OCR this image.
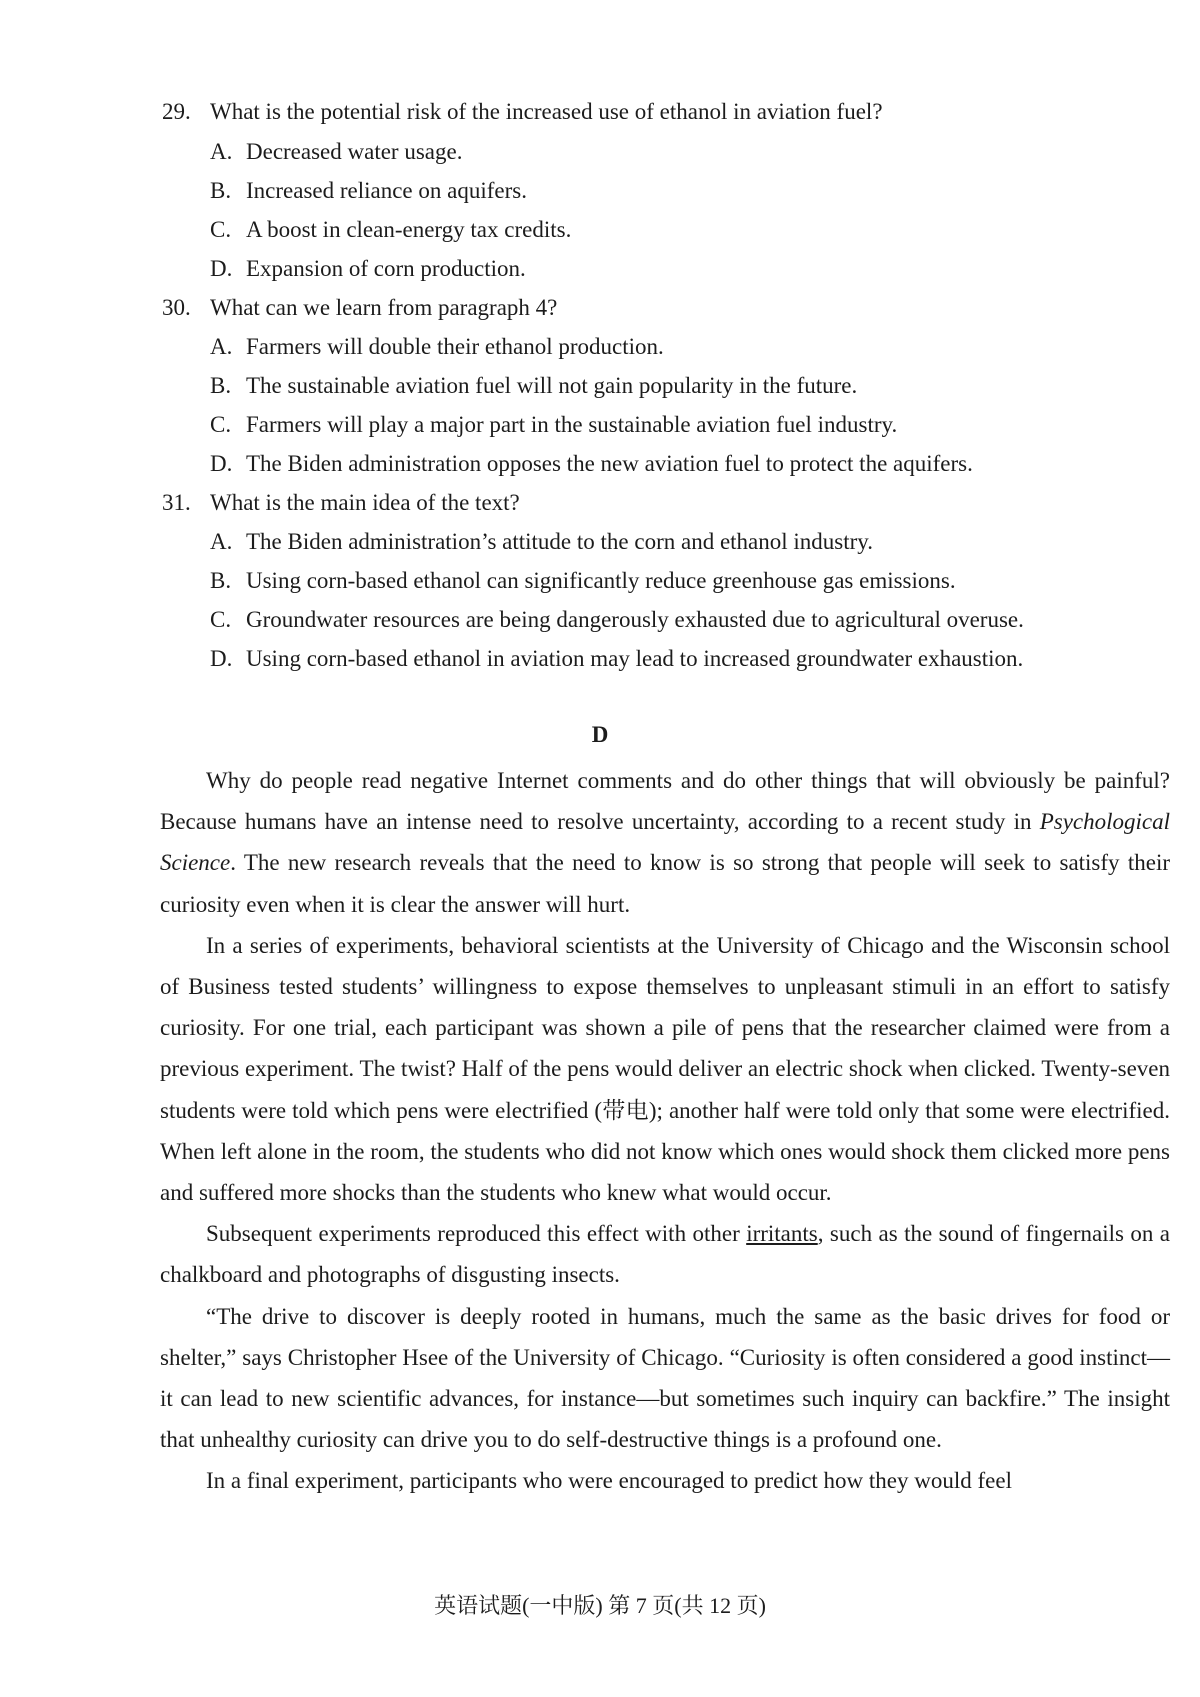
29. What is the potential risk of the increased use of ethanol in aviation fuel?
A. Decreased water usage.
B. Increased reliance on aquifers.
C. A boost in clean-energy tax credits.
D. Expansion of corn production.
30. What can we learn from paragraph 4?
A. Farmers will double their ethanol production.
B. The sustainable aviation fuel will not gain popularity in the future.
C. Farmers will play a major part in the sustainable aviation fuel industry.
D. The Biden administration opposes the new aviation fuel to protect the aquifers.
31. What is the main idea of the text?
A. The Biden administration’s attitude to the corn and ethanol industry.
B. Using corn-based ethanol can significantly reduce greenhouse gas emissions.
C. Groundwater resources are being dangerously exhausted due to agricultural overuse.
D. Using corn-based ethanol in aviation may lead to increased groundwater exhaustion.
D

Why do people read negative Internet comments and do other things that will obviously be painful? Because humans have an intense need to resolve uncertainty, according to a recent study in Psychological Science. The new research reveals that the need to know is so strong that people will seek to satisfy their curiosity even when it is clear the answer will hurt.

In a series of experiments, behavioral scientists at the University of Chicago and the Wisconsin school of Business tested students’ willingness to expose themselves to unpleasant stimuli in an effort to satisfy curiosity. For one trial, each participant was shown a pile of pens that the researcher claimed were from a previous experiment. The twist? Half of the pens would deliver an electric shock when clicked. Twenty-seven students were told which pens were electrified (带电); another half were told only that some were electrified. When left alone in the room, the students who did not know which ones would shock them clicked more pens and suffered more shocks than the students who knew what would occur.

Subsequent experiments reproduced this effect with other irritants, such as the sound of fingernails on a chalkboard and photographs of disgusting insects.

“The drive to discover is deeply rooted in humans, much the same as the basic drives for food or shelter,” says Christopher Hsee of the University of Chicago. “Curiosity is often considered a good instinct—it can lead to new scientific advances, for instance—but sometimes such inquiry can backfire.” The insight that unhealthy curiosity can drive you to do self-destructive things is a profound one.

In a final experiment, participants who were encouraged to predict how they would feel

英语试题(一中版) 第 7 页(共 12 页)
